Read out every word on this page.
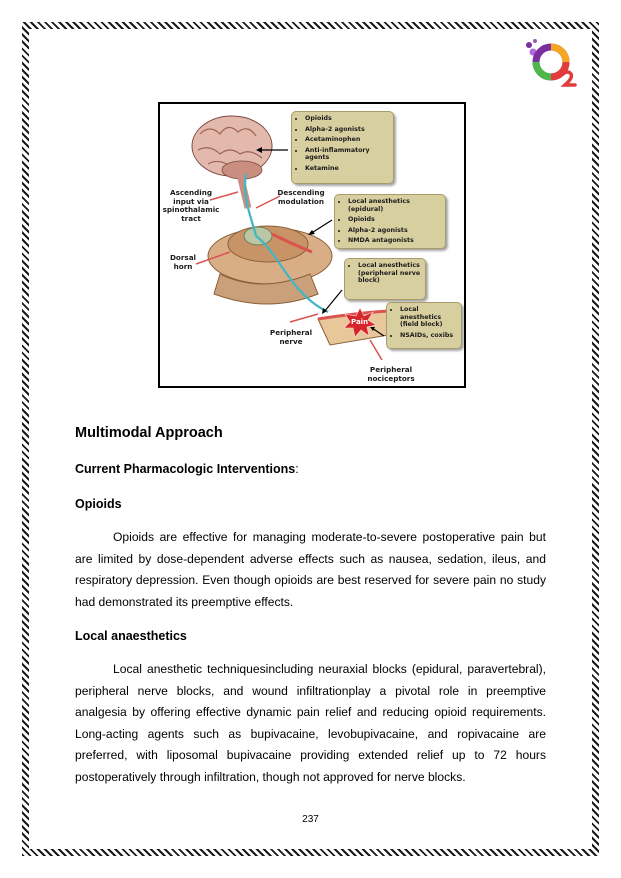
• Opioids
• Alpha-2 agonists
• Acetaminophen
• Anti-inflammatory agents
• Ketamine
• Local anesthetics (epidural)
• Opioids
• Alpha-2 agonists
• NMDA antagonists
• Local anesthetics (peripheral nerve block)
• Local anesthetics (field block)
• NSAIDs, coxibs
Ascending input via spinothalamic tract
Descending modulation
Dorsal horn
Peripheral nerve
Peripheral nociceptors
Pain
Multimodal Approach
Current Pharmacologic Interventions:
Opioids

Opioids are effective for managing moderate-to-severe postoperative pain but are limited by dose-dependent adverse effects such as nausea, sedation, ileus, and respiratory depression. Even though opioids are best reserved for severe pain no study had demonstrated its preemptive effects.

Local anaesthetics

Local anesthetic techniquesincluding neuraxial blocks (epidural, paravertebral), peripheral nerve blocks, and wound infiltrationplay a pivotal role in preemptive analgesia by offering effective dynamic pain relief and reducing opioid requirements. Long-acting agents such as bupivacaine, levobupivacaine, and ropivacaine are preferred, with liposomal bupivacaine providing extended relief up to 72 hours postoperatively through infiltration, though not approved for nerve blocks.

237
